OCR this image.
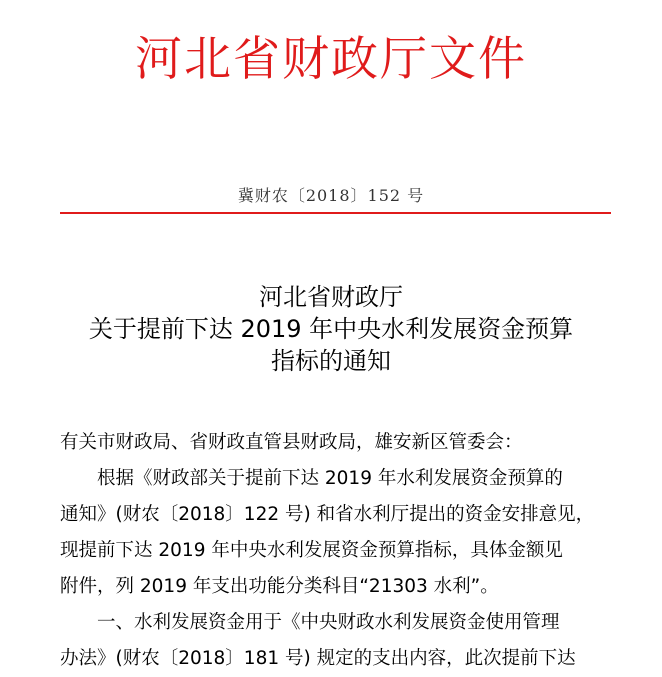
河北省财政厅文件
冀财农〔2018〕152 号
河北省财政厅
关于提前下达 2019 年中央水利发展资金预算
指标的通知

有关市财政局、省财政直管县财政局，雄安新区管委会：

根据《财政部关于提前下达 2019 年水利发展资金预算的

通知》(财农〔2018〕122 号) 和省水利厅提出的资金安排意见，

现提前下达 2019 年中央水利发展资金预算指标，具体金额见

附件，列 2019 年支出功能分类科目“21303 水利”。

一、水利发展资金用于《中央财政水利发展资金使用管理

办法》(财农〔2018〕181 号) 规定的支出内容，此次提前下达
